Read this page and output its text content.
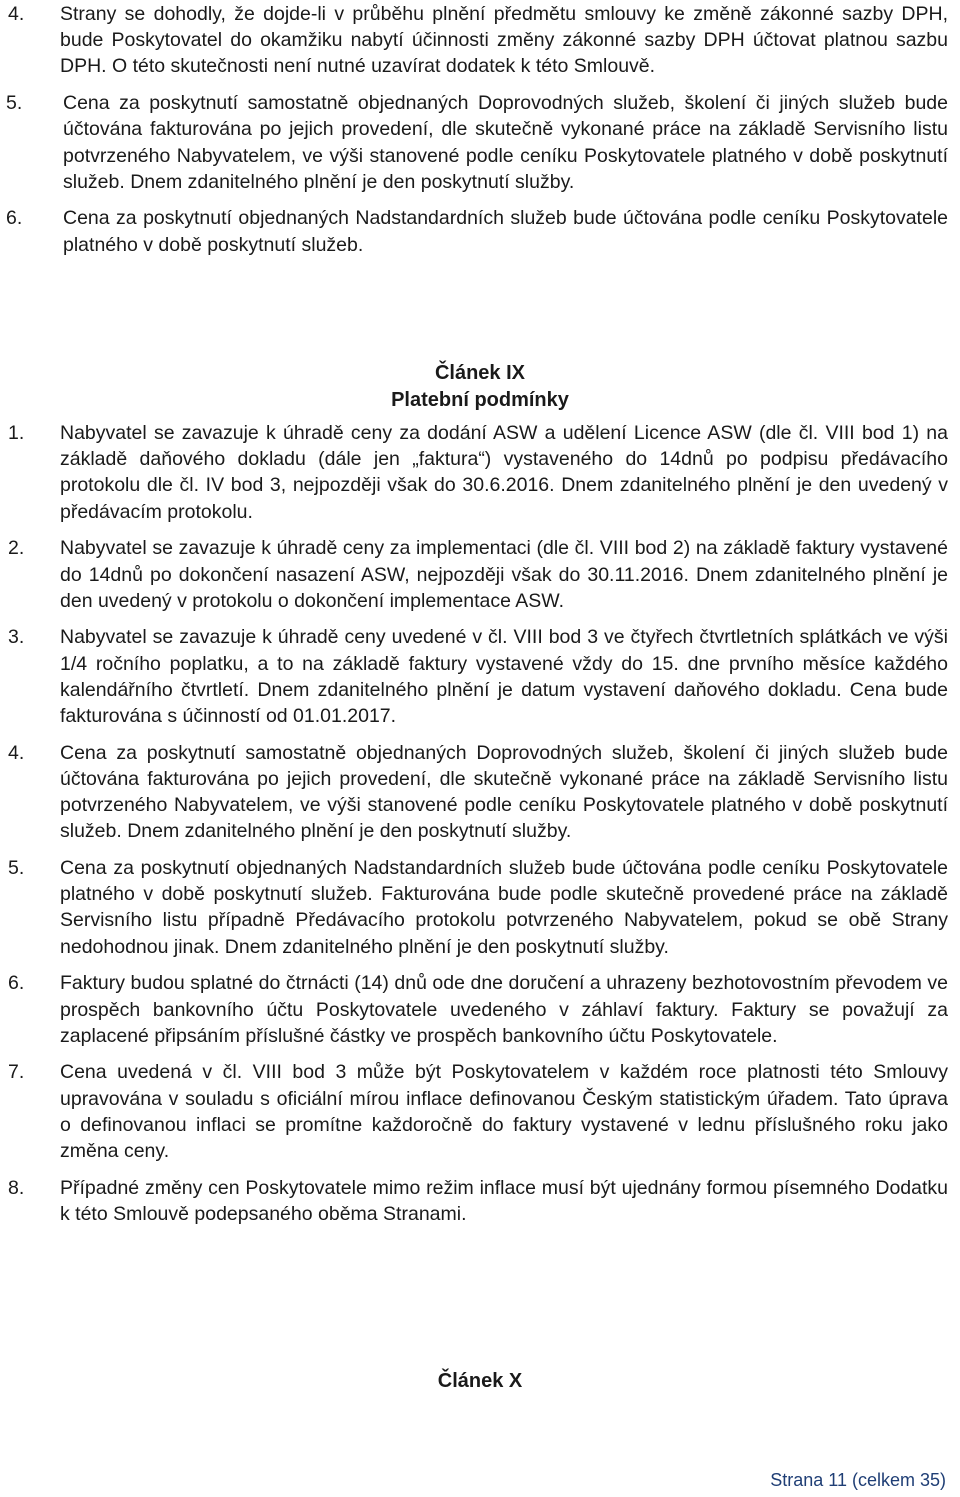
4. Strany se dohodly, že dojde-li v průběhu plnění předmětu smlouvy ke změně zákonné sazby DPH, bude Poskytovatel do okamžiku nabytí účinnosti změny zákonné sazby DPH účtovat platnou sazbu DPH. O této skutečnosti není nutné uzavírat dodatek k této Smlouvě.
5. Cena za poskytnutí samostatně objednaných Doprovodných služeb, školení či jiných služeb bude účtována fakturována po jejich provedení, dle skutečně vykonané práce na základě Servisního listu potvrzeného Nabyvatelem, ve výši stanovené podle ceníku Poskytovatele platného v době poskytnutí služeb. Dnem zdanitelného plnění je den poskytnutí služby.
6. Cena za poskytnutí objednaných Nadstandardních služeb bude účtována podle ceníku Poskytovatele platného v době poskytnutí služeb.
Článek IX
Platební podmínky
1. Nabyvatel se zavazuje k úhradě ceny za dodání ASW a udělení Licence ASW (dle čl. VIII bod 1) na základě daňového dokladu (dále jen „faktura“) vystaveného do 14dnů po podpisu předávacího protokolu dle čl. IV bod 3, nejpozději však do 30.6.2016. Dnem zdanitelného plnění je den uvedený v předávacím protokolu.
2. Nabyvatel se zavazuje k úhradě ceny za implementaci (dle čl. VIII bod 2) na základě faktury vystavené do 14dnů po dokončení nasazení ASW, nejpozději však do 30.11.2016. Dnem zdanitelného plnění je den uvedený v protokolu o dokončení implementace ASW.
3. Nabyvatel se zavazuje k úhradě ceny uvedené v čl. VIII bod 3 ve čtyřech čtvrtletních splátkách ve výši 1/4 ročního poplatku, a to na základě faktury vystavené vždy do 15. dne prvního měsíce každého kalendářního čtvrtletí. Dnem zdanitelného plnění je datum vystavení daňového dokladu. Cena bude fakturována s účinností od 01.01.2017.
4. Cena za poskytnutí samostatně objednaných Doprovodných služeb, školení či jiných služeb bude účtována fakturována po jejich provedení, dle skutečně vykonané práce na základě Servisního listu potvrzeného Nabyvatelem, ve výši stanovené podle ceníku Poskytovatele platného v době poskytnutí služeb. Dnem zdanitelného plnění je den poskytnutí služby.
5. Cena za poskytnutí objednaných Nadstandardních služeb bude účtována podle ceníku Poskytovatele platného v době poskytnutí služeb. Fakturována bude podle skutečně provedené práce na základě Servisního listu případně Předávacího protokolu potvrzeného Nabyvatelem, pokud se obě Strany nedohodnou jinak. Dnem zdanitelného plnění je den poskytnutí služby.
6. Faktury budou splatné do čtrnácti (14) dnů ode dne doručení a uhrazeny bezhotovostním převodem ve prospěch bankovního účtu Poskytovatele uvedeného v záhlaví faktury. Faktury se považují za zaplacené připsáním příslušné částky ve prospěch bankovního účtu Poskytovatele.
7. Cena uvedená v čl. VIII bod 3 může být Poskytovatelem v každém roce platnosti této Smlouvy upravována v souladu s oficiální mírou inflace definovanou Českým statistickým úřadem. Tato úprava o definovanou inflaci se promítne každoročně do faktury vystavené v lednu příslušného roku jako změna ceny.
8. Případné změny cen Poskytovatele mimo režim inflace musí být ujednány formou písemného Dodatku k této Smlouvě podepsaného oběma Stranami.
Článek X
Strana 11 (celkem 35)
